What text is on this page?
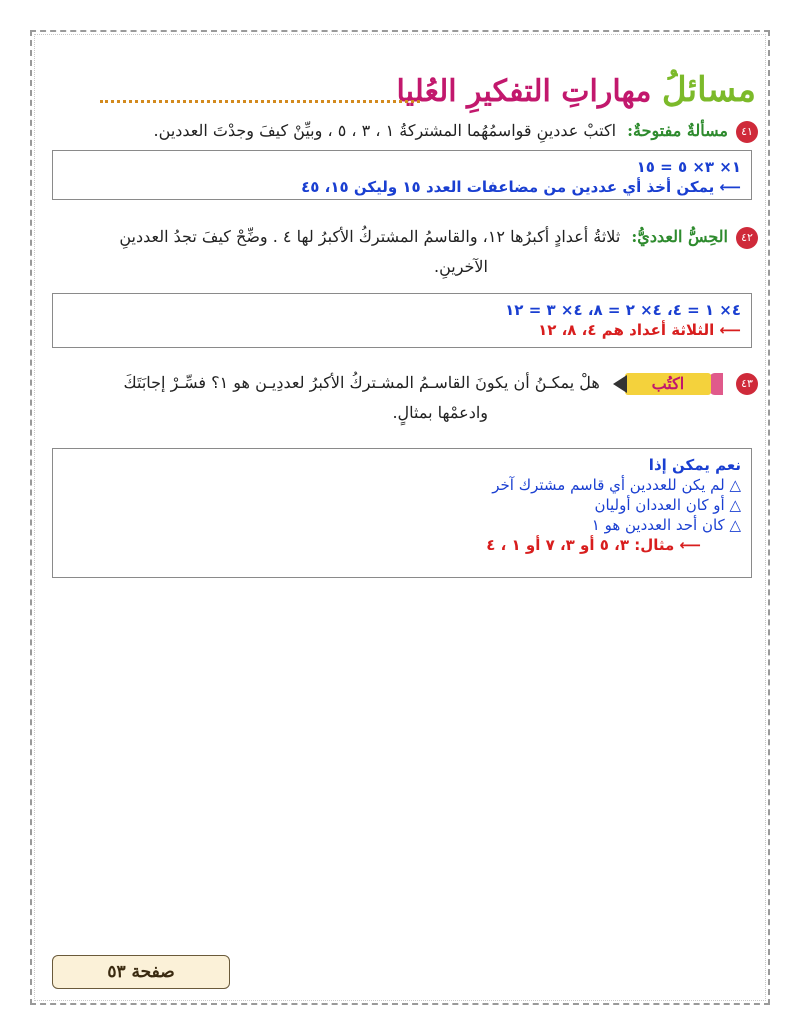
مسائلُ مهاراتِ التفكيرِ العُليا
٤١مسألةٌ مفتوحةٌ: اكتبْ عددينِ قواسمُهُما المشتركةُ ١ ، ٣ ، ٥ ، وبيِّنْ كيفَ وجدْتَ العددين.
١× ٣× ٥ = ١٥
⟵ يمكن أخذ أي عددين من مضاعفات العدد ١٥ وليكن ١٥، ٤٥
٤٢الحِسُّ العدديُّ: ثلاثةُ أعدادٍ أكبرُها ١٢، والقاسمُ المشتركُ الأكبرُ لها ٤ . وضِّحْ كيفَ تجدُ العددينِ
الآخرينِ.
٤× ١ = ٤، ٤× ٢ = ٨، ٤× ٣ = ١٢
⟵ الثلاثة أعداد هم ٤، ٨، ١٢
٤٣
اكتُب
هلْ يمكـنُ أن يكونَ القاسـمُ المشـتركُ الأكبرُ لعددِيـن هو ١؟ فسِّـرْ إجابَتَكَ
وادعمْها بمثالٍ.
نعم يمكن إذا
△ لم يكن للعددين أي قاسم مشترك آخر
△ أو كان العددان أوليان
△ كان أحد العددين هو ١
⟵ مثال: ٣، ٥ أو ٣، ٧ أو ١ ، ٤
صفحة ٥٣
